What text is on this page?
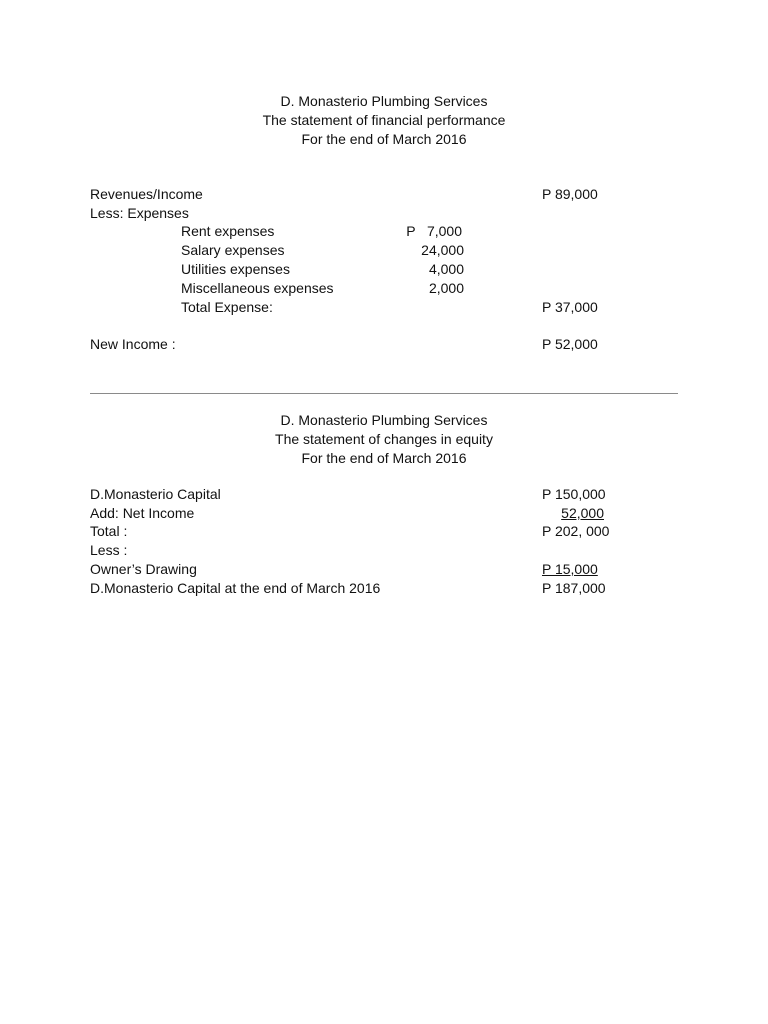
D. Monasterio Plumbing Services
The statement of financial performance
For the end of March 2016
Revenues/Income	P 89,000
Less: Expenses
Rent expenses	P   7,000
Salary expenses	24,000
Utilities expenses	4,000
Miscellaneous expenses	2,000
Total Expense:	P 37,000
New Income :	P 52,000
D. Monasterio Plumbing Services
The statement of changes in equity
For the end of March 2016
D.Monasterio Capital	P 150,000
Add: Net Income	52,000
Total :	P 202, 000
Less :
Owner’s Drawing	P 15,000
D.Monasterio Capital at the end of March 2016	P 187,000
